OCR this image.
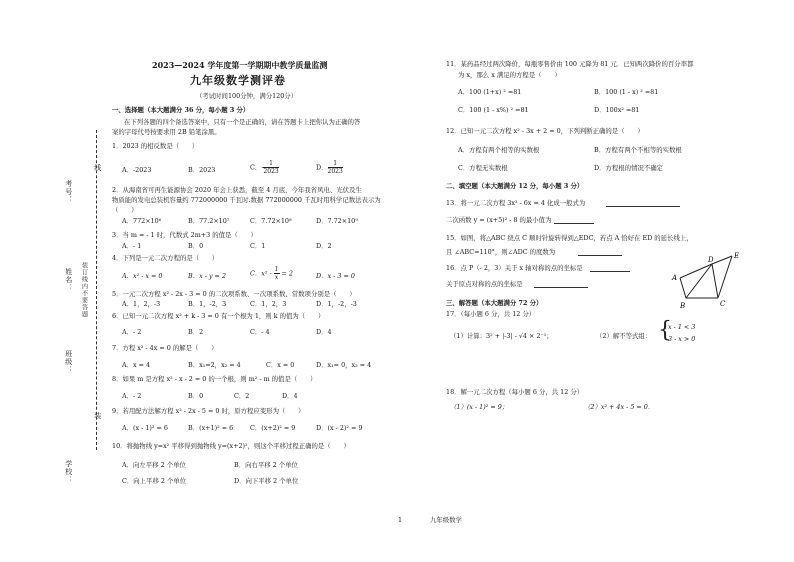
考号：
姓名：
班级：
学校：
装订线内不要答题
线
装
2023—2024 学年度第一学期期中教学质量监测
九年级数学测评卷
（考试时间100分钟，满分120分）
一、选择题（本大题满分 36 分，每小题 3 分）
在下列各题的四个备选答案中，只有一个是正确的，请在答题卡上把你认为正确的答
案的字母代号按要求用 2B 铅笔涂黑。
1．2023 的相反数是（　　）
A．-2023	B．2023	C．- $\frac{1}{2023}$	D． $\frac{1}{2023}$
2．从海南省可再生能源协会 2020 年会上获悉，截至 4 月底，今年我省风电、光伏及生
物质能的发电总装机容量约 772000000 千瓦时.数据 772000000 千瓦时用科学记数法表示为
（　　）
A．772×10⁶	B．77.2×10⁷	C．7.72×10⁸	D．7.72×10⁹
3．当 m = - 1 时，代数式 2m+3 的值是（　　）
A．- 1	B．0	C．1	D．2
4．下列是一元二次方程的是（　　）
A．x² - x = 0	B．x - y = 2	C．$x^2 - \frac{1}{x} = 2$	D．x - 3 = 0
5．一元二次方程 x² - 2x - 3 = 0 的二次项系数、一次项系数、常数项分别是（　　）
A．1，2，-3	B．1，-2，3	C．1，2，3	D．1，-2，-3
6．已知一元二次方程 x² + k - 3 = 0 有一个根为 1，则 k 的值为（　　）
A．- 2	B．2	C．- 4	D．4
7．方程 x² - 4x = 0 的解是（　　）
A．x = 4	B．x₁=2，x₂ = 4	C．x = 0	D．x₁= 0，x₂ = 4
8．如果 m 是方程 x² - x - 2 = 0 的一个根，则 m² - m 的值是（　　）
A．- 2	B．0	C．2	D．4
9．若用配方法解方程 x² - 2x - 5 = 0 时，原方程应变形为（　　）
A．(x - 1)² = 6	B．(x+1)² = 6	C．(x+2)² = 9	D．(x - 2)² = 9
10．将抛物线 y=x² 平移得到抛物线 y=(x+2)²，则这个平移过程正确的是（　　）
A．向左平移 2 个单位	B．向右平移 2 个单位
C．向上平移 2 个单位	D．向下平移 2 个单位
11．某药品经过两次降价，每瓶零售价由 100 元降为 81 元．已知两次降价的百分率都
为 x，那么 x 满足的方程是（　　）
A．100 (1+x) ² =81	B．100 (1 - x) ² =81
C．100 (1 - x%) ² =81	D．100x² =81
12．已知一元二次方程 x² - 3x + 2 = 0，下列判断正确的是（　　）
A．方程有两个相等的实数根	B．方程有两个不相等的实数根
C．方程无实数根	D．方程根的情况不确定
二、填空题（本大题满分 12 分，每小题 3 分）
13．将一元二次方程 3x² - 6x = 4 化成一般式为
二次函数 y = (x+5)² - 8 的最小值为
15．如图，将△ABC 绕点 C 顺时针旋转得到△EDC，若点 A 恰好在 ED 的延长线上，
且 ∠ABC=110°，则∠ADC 的度数为
16．点 P（- 2，3）关于 x 轴对称的点的坐标是
关于原点对称的点的坐标是
A
B	C
D	E
三、解答题（本大题满分 72 分）
17．（每小题 6 分，共 12 分）
（1）计算：3² + |-3| - √4 × 2⁻¹；	（2）解不等式组： {
x - 1 < 3
3 - x > 0
18．解一元二次方程（每小题 6 分，共 12 分）
（1）(x - 1)² = 9；	（2）x² + 4x - 5 = 0．
1	九年级数学
